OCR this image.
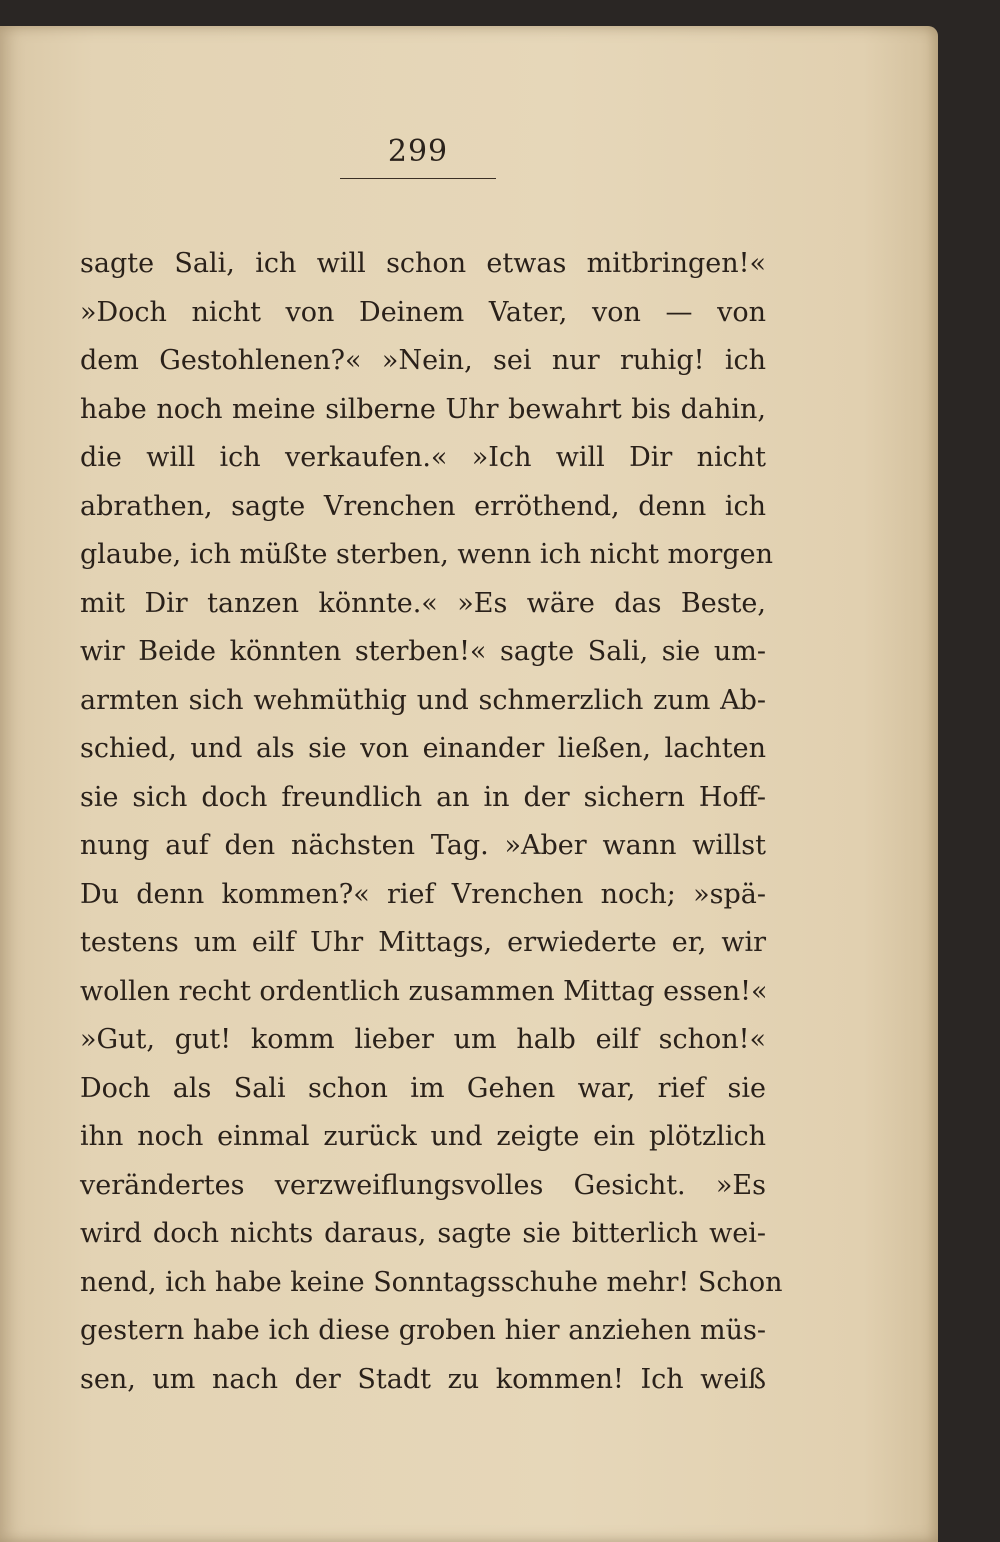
299
sagte Sali, ich will schon etwas mitbringen!«
»Doch nicht von Deinem Vater, von — von
dem Gestohlenen?« »Nein, sei nur ruhig! ich
habe noch meine silberne Uhr bewahrt bis dahin,
die will ich verkaufen.« »Ich will Dir nicht
abrathen, sagte Vrenchen erröthend, denn ich
glaube, ich müßte sterben, wenn ich nicht morgen
mit Dir tanzen könnte.« »Es wäre das Beste,
wir Beide könnten sterben!« sagte Sali, sie um-
armten sich wehmüthig und schmerzlich zum Ab-
schied, und als sie von einander ließen, lachten
sie sich doch freundlich an in der sichern Hoff-
nung auf den nächsten Tag. »Aber wann willst
Du denn kommen?« rief Vrenchen noch; »spä-
testens um eilf Uhr Mittags, erwiederte er, wir
wollen recht ordentlich zusammen Mittag essen!«
»Gut, gut! komm lieber um halb eilf schon!«
Doch als Sali schon im Gehen war, rief sie
ihn noch einmal zurück und zeigte ein plötzlich
verändertes verzweiflungsvolles Gesicht. »Es
wird doch nichts daraus, sagte sie bitterlich wei-
nend, ich habe keine Sonntagsschuhe mehr! Schon
gestern habe ich diese groben hier anziehen müs-
sen, um nach der Stadt zu kommen! Ich weiß
